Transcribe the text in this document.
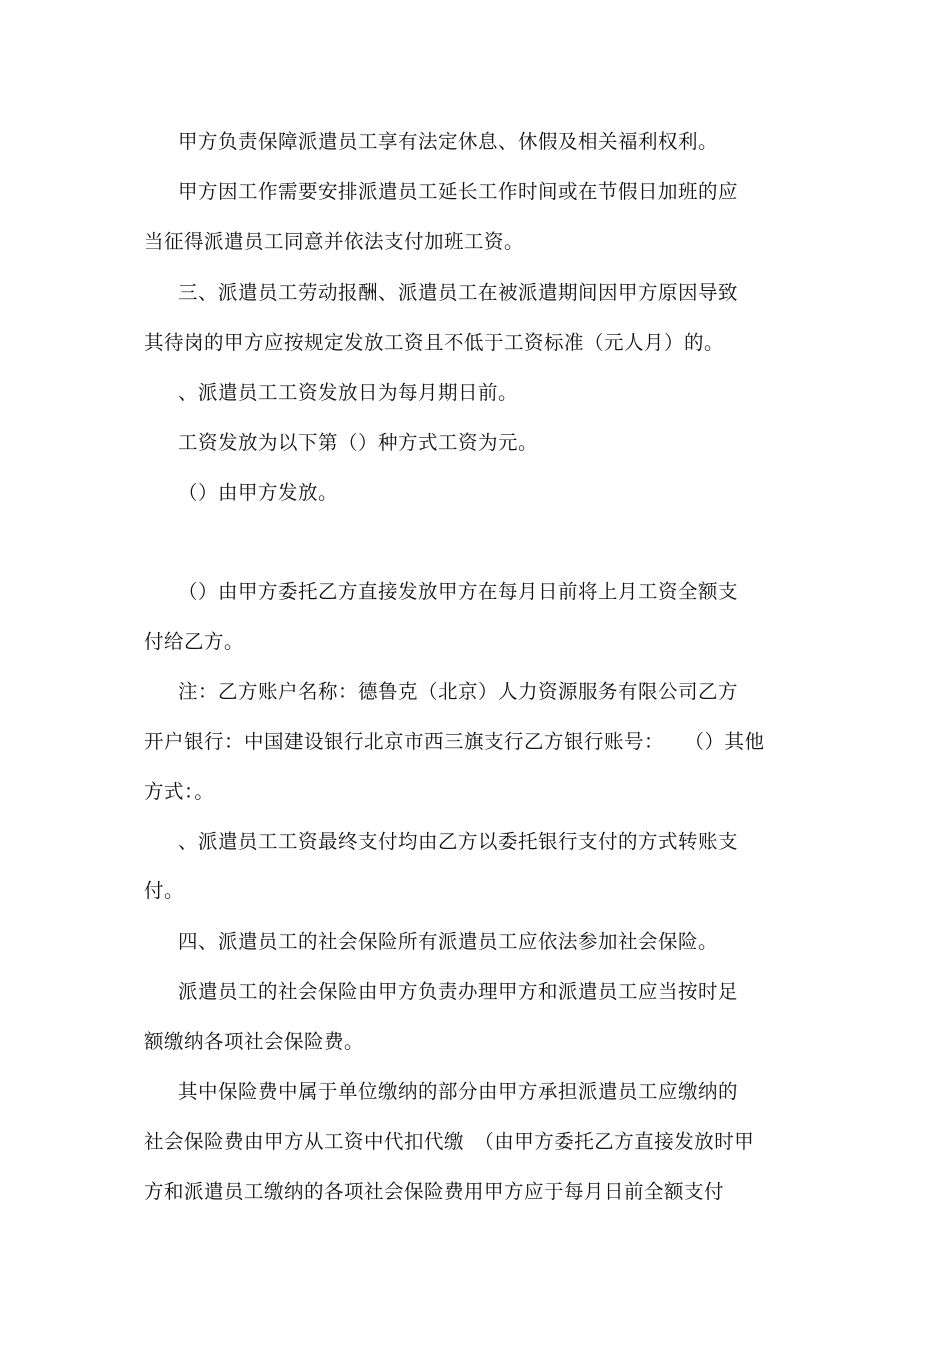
甲方负责保障派遣员工享有法定休息、休假及相关福利权利。
甲方因工作需要安排派遣员工延长工作时间或在节假日加班的应
当征得派遣员工同意并依法支付加班工资。
三、派遣员工劳动报酬、派遣员工在被派遣期间因甲方原因导致
其待岗的甲方应按规定发放工资且不低于工资标准（元人月）的。
、派遣员工工资发放日为每月期日前。
工资发放为以下第（）种方式工资为元。
（）由甲方发放。
（）由甲方委托乙方直接发放甲方在每月日前将上月工资全额支
付给乙方。
注：乙方账户名称：德鲁克（北京）人力资源服务有限公司乙方
开户银行：中国建设银行北京市西三旗支行乙方银行账号：　　（）其他
方式：。
、派遣员工工资最终支付均由乙方以委托银行支付的方式转账支
付。
四、派遣员工的社会保险所有派遣员工应依法参加社会保险。
派遣员工的社会保险由甲方负责办理甲方和派遣员工应当按时足
额缴纳各项社会保险费。
其中保险费中属于单位缴纳的部分由甲方承担派遣员工应缴纳的
社会保险费由甲方从工资中代扣代缴　（由甲方委托乙方直接发放时甲
方和派遣员工缴纳的各项社会保险费用甲方应于每月日前全额支付
